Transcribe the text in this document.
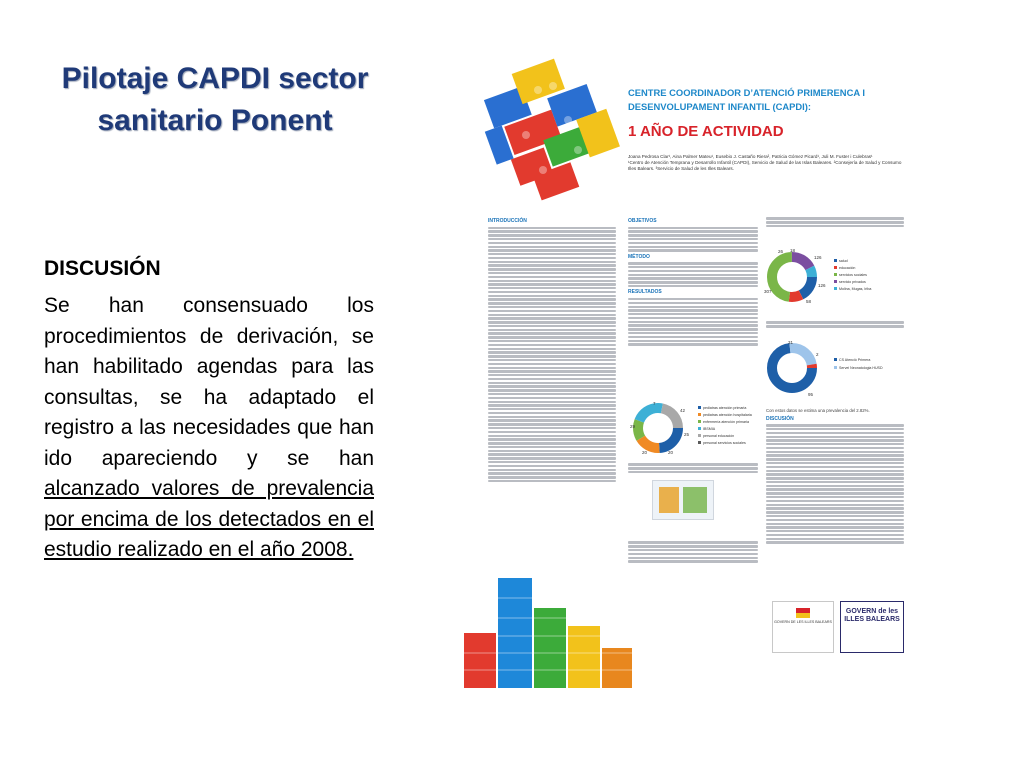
Pilotaje CAPDI sector
sanitario Ponent
DISCUSIÓN
Se han consensuado los procedimientos de derivación, se han habilitado agendas para las consultas, se ha adaptado el registro a las necesidades que han ido apareciendo y se han alcanzado valores de prevalencia por encima de los detectados en el estudio realizado en el año 2008.
CENTRE COORDINADOR D’ATENCIÓ PRIMERENCA I
DESENVOLUPAMENT INFANTIL (CAPDI):
1 AÑO DE ACTIVIDAD
Joana Pedrosa Clar¹, Aina Palmer Mateu¹, Eusebio J. Castaño Riera², Patricia Gómez Picard¹, Juli M. Fuster i Culebras¹
¹Centro de Atención Temprana y Desarrollo Infantil (CAPDI), Servicio de Salud de las Islas Baleares. ²Consejería de Salud y Consumo Illes Balears. ³Servicio de Salud de les Illes Balears.
INTRODUCCIÓN	OBJETIVOS
MÉTODO
RESULTADOS
7
42
29
20	20
25
pediatras atención primaria
pediatras atención hospitalaria
enfermería atención primaria
IBSMIA
personal educación
personal servicios sociales
26 18
126
307
58
126
salud
educación
servicios sociales
servicio privados
Molina, Mugas, Iriba
31
2
95
CS Atenció Primera
Servei Neonatologia HUSD
Con estos datos se estima una prevalencia del 2.82%.
DISCUSIÓN
GOVERN DE LES ILLES BALEARS
GOVERN de les ILLES BALEARS
